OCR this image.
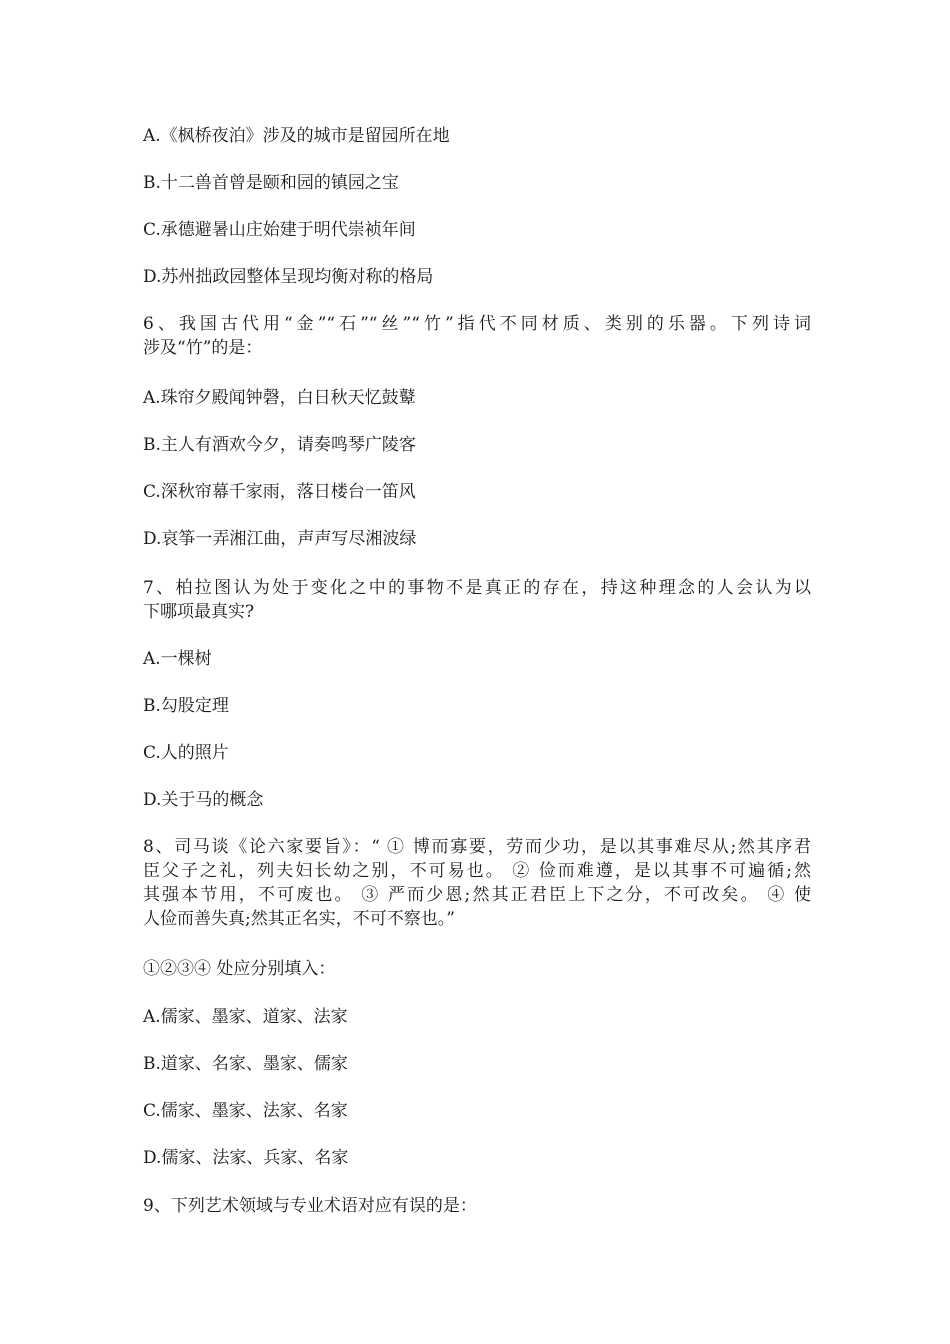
A.《枫桥夜泊》涉及的城市是留园所在地
B.十二兽首曾是颐和园的镇园之宝
C.承德避暑山庄始建于明代崇祯年间
D.苏州拙政园整体呈现均衡对称的格局
6、我国古代用“金”“石”“丝”“竹”指代不同材质、类别的乐器。下列诗词
涉及“竹”的是：
A.珠帘夕殿闻钟磬，白日秋天忆鼓鼙
B.主人有酒欢今夕，请奏鸣琴广陵客
C.深秋帘幕千家雨，落日楼台一笛风
D.哀筝一弄湘江曲，声声写尽湘波绿
7、柏拉图认为处于变化之中的事物不是真正的存在，持这种理念的人会认为以
下哪项最真实?
A.一棵树
B.勾股定理
C.人的照片
D.关于马的概念
8、司马谈《论六家要旨》：“ ① 博而寡要，劳而少功，是以其事难尽从;然其序君
臣父子之礼，列夫妇长幼之别，不可易也。 ② 俭而难遵，是以其事不可遍循;然
其强本节用，不可废也。 ③ 严而少恩;然其正君臣上下之分，不可改矣。 ④ 使
人俭而善失真;然其正名实，不可不察也。”
①②③④ 处应分别填入：
A.儒家、墨家、道家、法家
B.道家、名家、墨家、儒家
C.儒家、墨家、法家、名家
D.儒家、法家、兵家、名家
9、下列艺术领域与专业术语对应有误的是：
